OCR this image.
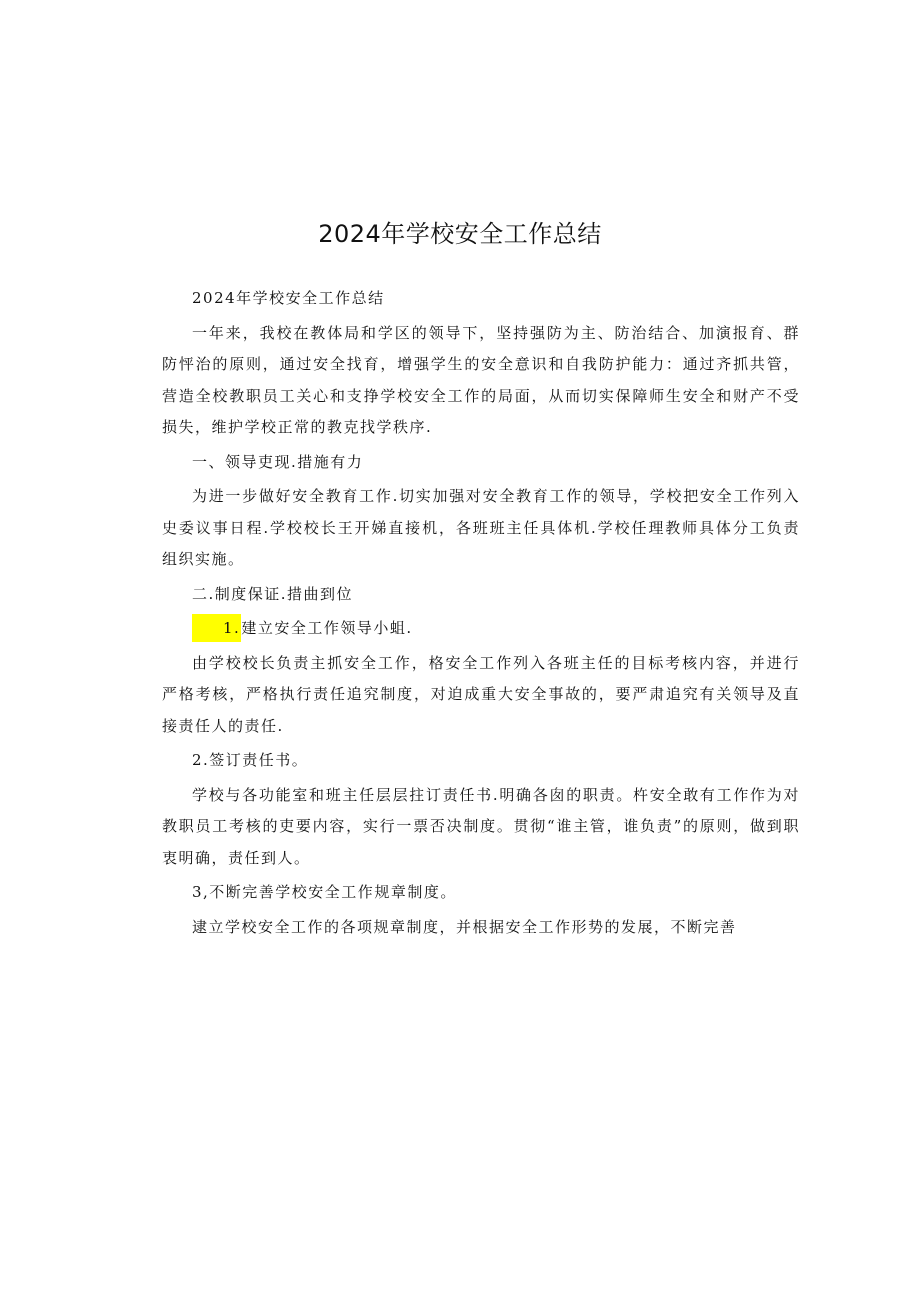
2024年学校安全工作总结

2024年学校安全工作总结

一年来，我校在教体局和学区的领导下，坚持强防为主、防治结合、加演报育、群防怦治的原则，通过安全找育，增强学生的安全意识和自我防护能力：通过齐抓共管，营造全校教职员工关心和支挣学校安全工作的局面，从而切实保障师生安全和财产不受损失，维护学校正常的教克找学秩序.

一、领导吏现.措施有力

为进一步做好安全教育工作.切实加强对安全教育工作的领导，学校把安全工作列入史委议事日程.学校校长王开娣直接机，各班班主任具体机.学校任理教师具体分工负责组织实施。

二.制度保证.措曲到位

1.建立安全工作领导小蛆.

由学校校长负责主抓安全工作，格安全工作列入各班主任的目标考核内容，并进行严格考核，严格执行责任追究制度，对迫成重大安全事故的，要严肃追究有关领导及直接责任人的责任.

2.签订责任书。

学校与各功能室和班主任层层拄订责任书.明确各囱的职责。杵安全敢有工作作为对教职员工考核的吏要内容，实行一票否决制度。贯彻“谁主管，谁负责”的原则，做到职衷明确，责任到人。

3,不断完善学校安全工作规章制度。

逮立学校安全工作的各项规章制度，并根据安全工作形势的发展，不断完善
